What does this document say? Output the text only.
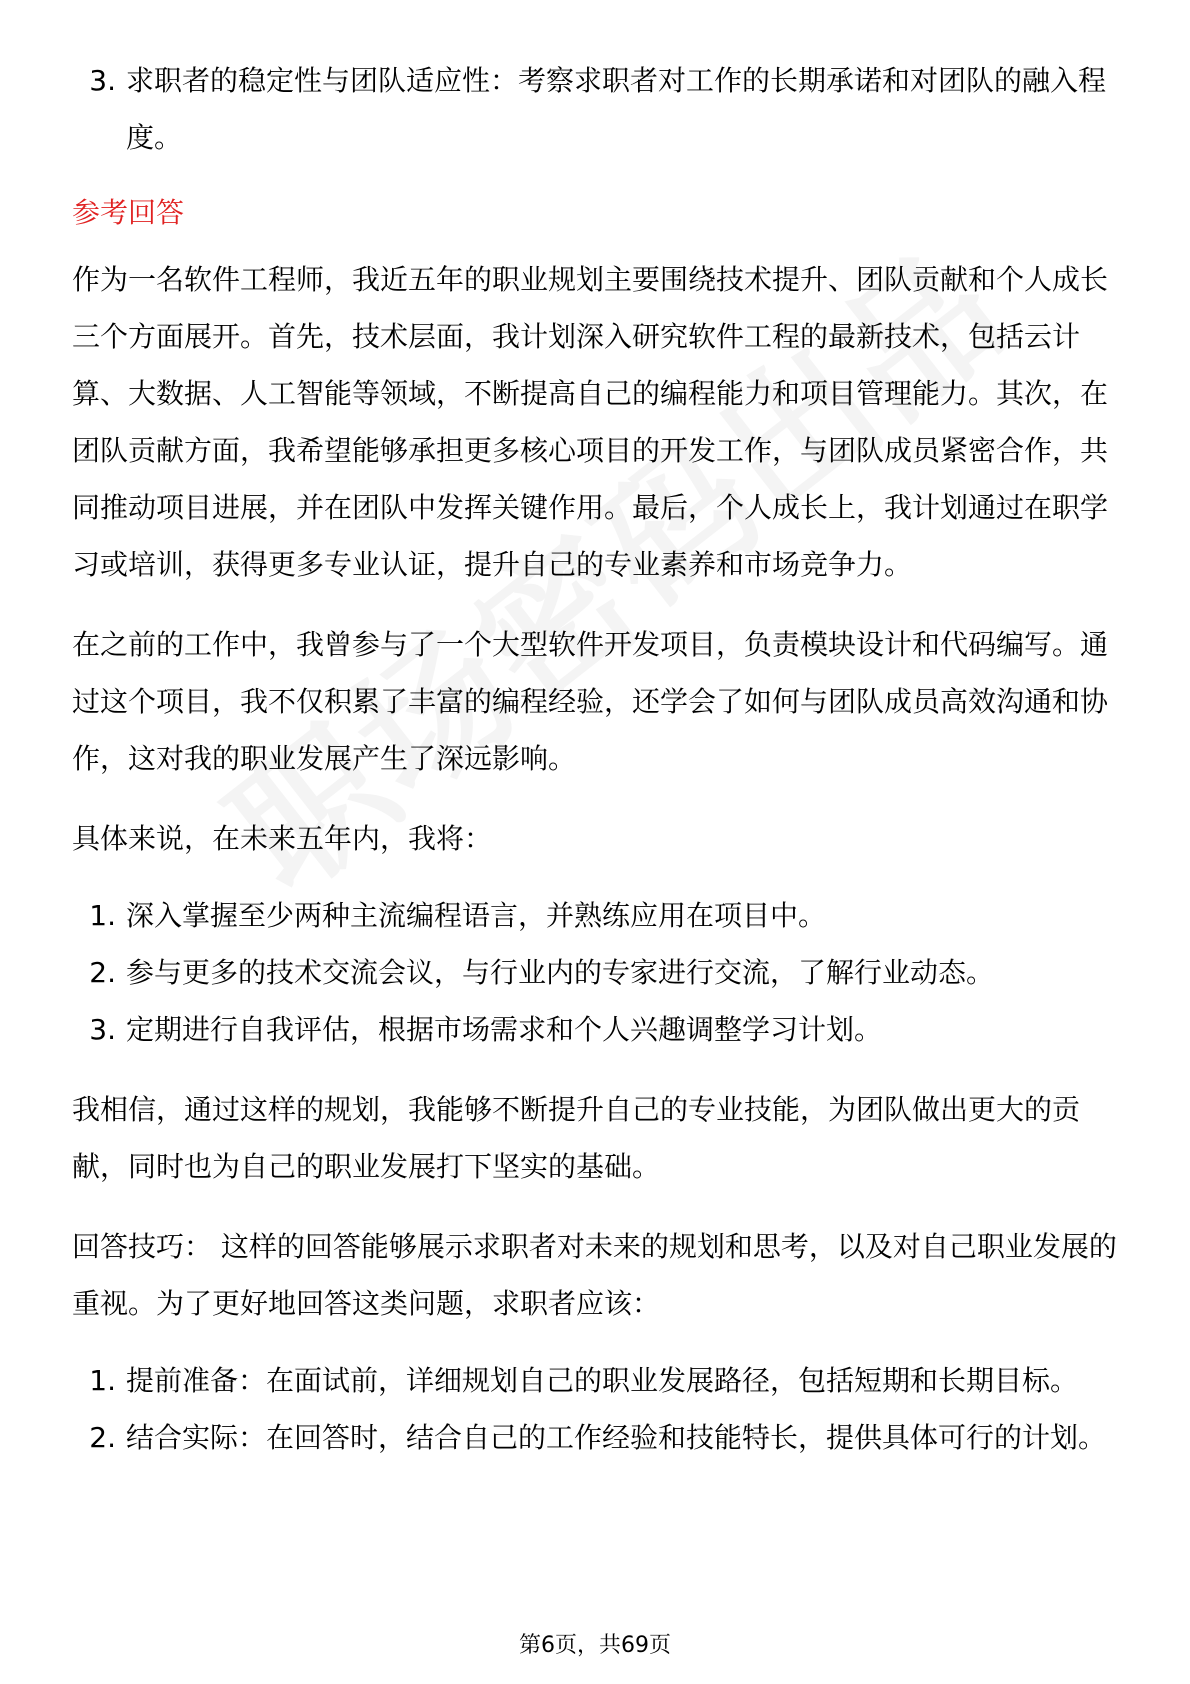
3. 求职者的稳定性与团队适应性：考察求职者对工作的长期承诺和对团队的融入程度。
参考回答
作为一名软件工程师，我近五年的职业规划主要围绕技术提升、团队贡献和个人成长三个方面展开。首先，技术层面，我计划深入研究软件工程的最新技术，包括云计算、大数据、人工智能等领域，不断提高自己的编程能力和项目管理能力。其次，在团队贡献方面，我希望能够承担更多核心项目的开发工作，与团队成员紧密合作，共同推动项目进展，并在团队中发挥关键作用。最后，个人成长上，我计划通过在职学习或培训，获得更多专业认证，提升自己的专业素养和市场竞争力。
在之前的工作中，我曾参与了一个大型软件开发项目，负责模块设计和代码编写。通过这个项目，我不仅积累了丰富的编程经验，还学会了如何与团队成员高效沟通和协作，这对我的职业发展产生了深远影响。
具体来说，在未来五年内，我将：
1. 深入掌握至少两种主流编程语言，并熟练应用在项目中。
2. 参与更多的技术交流会议，与行业内的专家进行交流，了解行业动态。
3. 定期进行自我评估，根据市场需求和个人兴趣调整学习计划。
我相信，通过这样的规划，我能够不断提升自己的专业技能，为团队做出更大的贡献，同时也为自己的职业发展打下坚实的基础。
回答技巧： 这样的回答能够展示求职者对未来的规划和思考，以及对自己职业发展的重视。为了更好地回答这类问题，求职者应该：
1. 提前准备：在面试前，详细规划自己的职业发展路径，包括短期和长期目标。
2. 结合实际：在回答时，结合自己的工作经验和技能特长，提供具体可行的计划。
第6页，共69页
